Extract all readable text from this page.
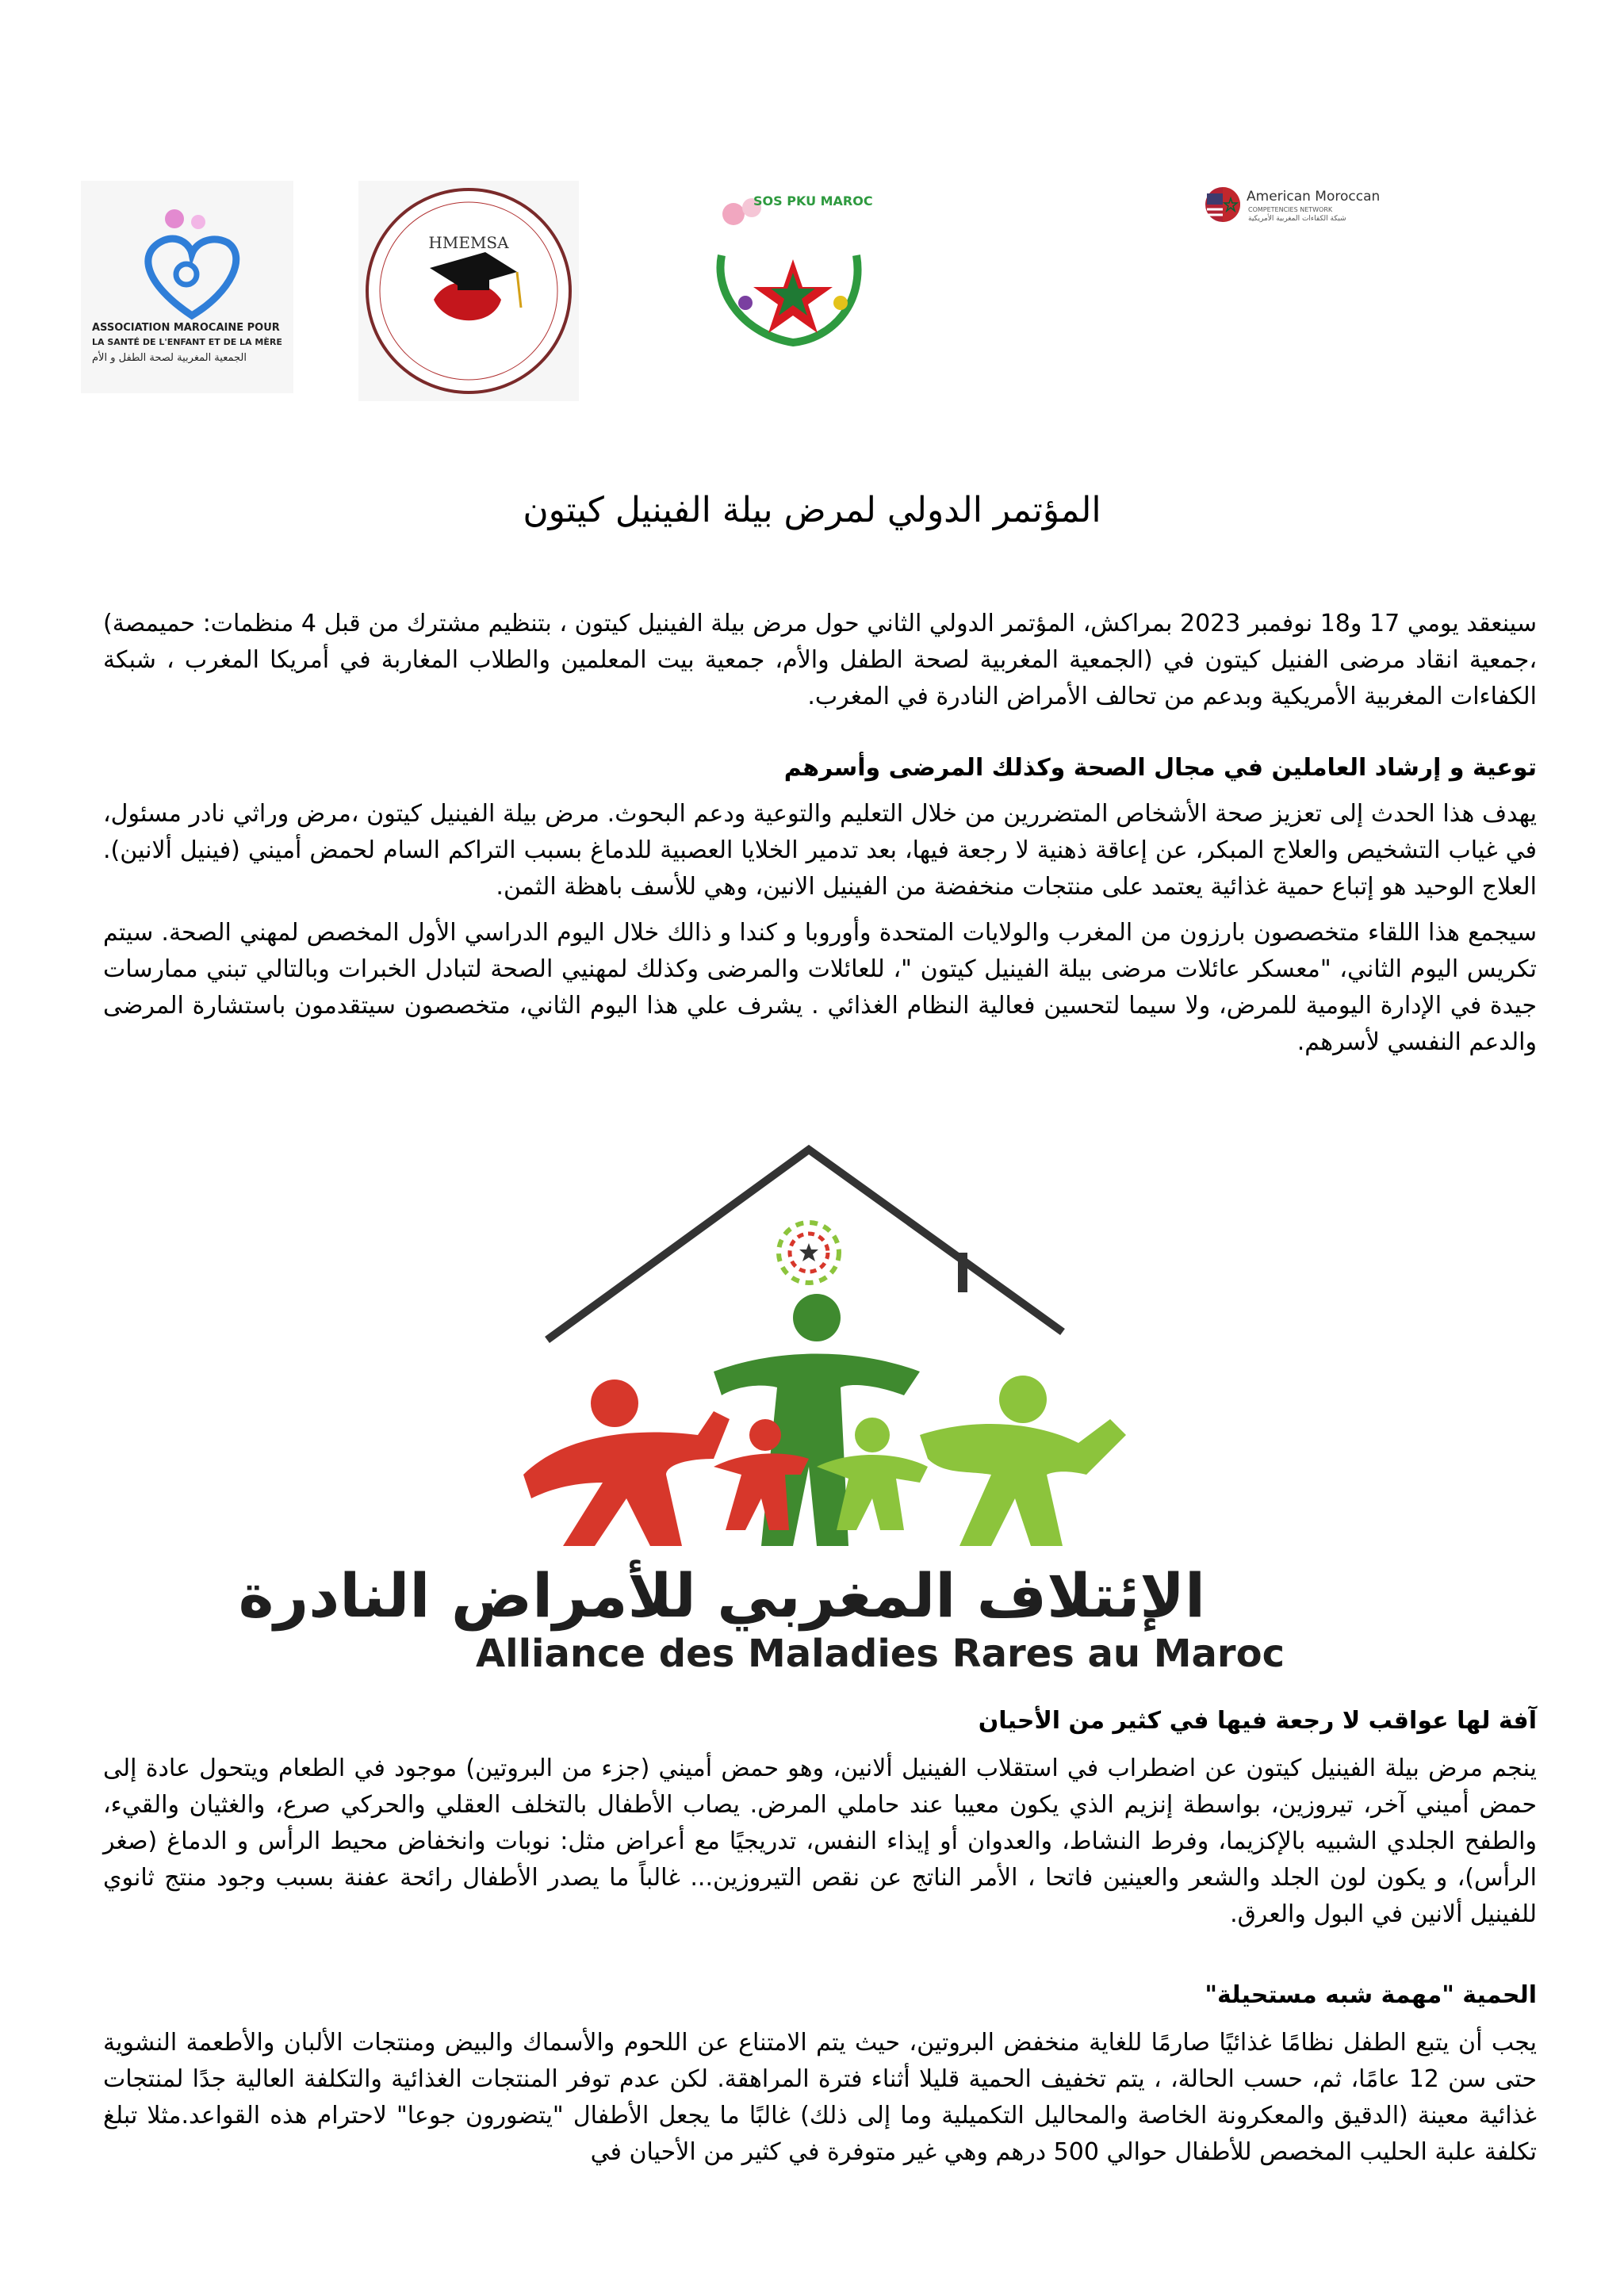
ASSOCIATION MAROCAINE POUR
LA SANTÉ DE L'ENFANT ET DE LA MÈRE
الجمعية المغربية لصحة الطفل و الأم
HMEMSA
SOS PKU MAROC	American Moroccan
COMPETENCIES NETWORK
شبكة الكفاءات المغربية الأمريكية
المؤتمر الدولي لمرض بيلة الفينيل كيتون

سينعقد يومي 17 و18 نوفمبر 2023 بمراكش، المؤتمر الدولي الثاني حول مرض بيلة الفينيل كيتون ، بتنظيم مشترك من قبل 4 منظمات: حميمصة) ،جمعية انقاد مرضى الفنيل كيتون في (الجمعية المغربية لصحة الطفل والأم، جمعية بيت المعلمين والطلاب المغاربة في أمريكا المغرب ، شبكة الكفاءات المغربية الأمريكية وبدعم من تحالف الأمراض النادرة في المغرب.

توعية و إرشاد العاملين في مجال الصحة وكذلك المرضى وأسرهم

يهدف هذا الحدث إلى تعزيز صحة الأشخاص المتضررين من خلال التعليم والتوعية ودعم البحوث. مرض بيلة الفينيل كيتون ،مرض وراثي نادر مسئول، في غياب التشخيص والعلاج المبكر، عن إعاقة ذهنية لا رجعة فيها، بعد تدمير الخلايا العصبية للدماغ بسبب التراكم السام لحمض أميني (فينيل ألانين). العلاج الوحيد هو إتباع حمية غذائية يعتمد على منتجات منخفضة من الفينيل الانين، وهي للأسف باهظة الثمن.

سيجمع هذا اللقاء متخصصون بارزون من المغرب والولايات المتحدة وأوروبا و كندا و ذالك خلال اليوم الدراسي الأول المخصص لمهني الصحة. سيتم تكريس اليوم الثاني، "معسكر عائلات مرضى بيلة الفينيل كيتون "، للعائلات والمرضى وكذلك لمهنيي الصحة لتبادل الخبرات وبالتالي تبني ممارسات جيدة في الإدارة اليومية للمرض، ولا سيما لتحسين فعالية النظام الغذائي . يشرف علي هذا اليوم الثاني، متخصصون سيتقدمون باستشارة المرضى والدعم النفسي لأسرهم.

الإئتلاف المغربي للأمراض النادرة
Alliance des Maladies Rares au Maroc
آفة لها عواقب لا رجعة فيها في كثير من الأحيان

ينجم مرض بيلة الفينيل كيتون عن اضطراب في استقلاب الفينيل ألانين، وهو حمض أميني (جزء من البروتين) موجود في الطعام ويتحول عادة إلى حمض أميني آخر، تيروزين، بواسطة إنزيم الذي يكون معيبا عند حاملي المرض. يصاب الأطفال بالتخلف العقلي والحركي صرع، والغثيان والقيء، والطفح الجلدي الشبيه بالإكزيما، وفرط النشاط، والعدوان أو إيذاء النفس، تدريجيًا مع أعراض مثل: نوبات وانخفاض محيط الرأس و الدماغ (صغر الرأس)، و يكون لون الجلد والشعر والعينين فاتحا ، الأمر الناتج عن نقص التيروزين... غالباً ما يصدر الأطفال رائحة عفنة بسبب وجود منتج ثانوي للفينيل ألانين في البول والعرق.

الحمية "مهمة شبه مستحيلة"

يجب أن يتبع الطفل نظامًا غذائيًا صارمًا للغاية منخفض البروتين، حيث يتم الامتناع عن اللحوم والأسماك والبيض ومنتجات الألبان والأطعمة النشوية حتى سن 12 عامًا، ثم، حسب الحالة، ، يتم تخفيف الحمية قليلا أثناء فترة المراهقة. لكن عدم توفر المنتجات الغذائية والتكلفة العالية جدًا لمنتجات غذائية معينة (الدقيق والمعكرونة الخاصة والمحاليل التكميلية وما إلى ذلك) غالبًا ما يجعل الأطفال "يتضورون جوعا" لاحترام هذه القواعد.مثلا تبلغ تكلفة علبة الحليب المخصص للأطفال حوالي 500 درهم وهي غير متوفرة في كثير من الأحيان في
